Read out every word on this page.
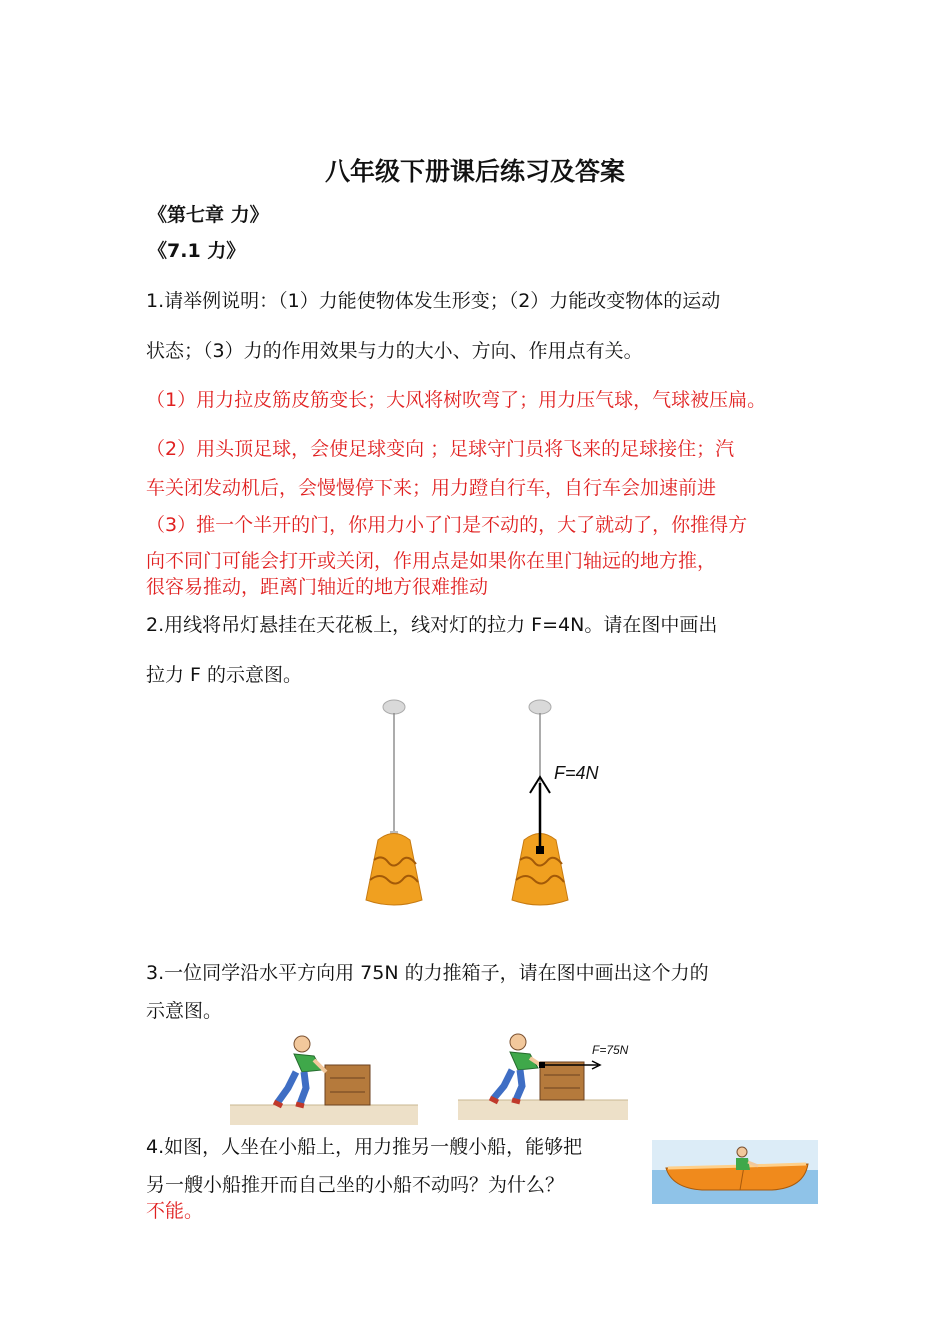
八年级下册课后练习及答案
《第七章 力》
《7.1 力》
1.请举例说明：（1）力能使物体发生形变；（2）力能改变物体的运动
状态；（3）力的作用效果与力的大小、方向、作用点有关。
（1）用力拉皮筋皮筋变长；大风将树吹弯了；用力压气球，气球被压扁。
（2）用头顶足球，会使足球变向 ；足球守门员将飞来的足球接住；汽
车关闭发动机后，会慢慢停下来；用力蹬自行车，自行车会加速前进
（3）推一个半开的门，你用力小了门是不动的，大了就动了，你推得方
向不同门可能会打开或关闭，作用点是如果你在里门轴远的地方推，
很容易推动，距离门轴近的地方很难推动
2.用线将吊灯悬挂在天花板上，线对灯的拉力 F=4N。请在图中画出
拉力 F 的示意图。
F=4N
3.一位同学沿水平方向用 75N 的力推箱子，请在图中画出这个力的
示意图。
F=75N
4.如图，人坐在小船上，用力推另一艘小船，能够把
另一艘小船推开而自己坐的小船不动吗？为什么？
不能。
